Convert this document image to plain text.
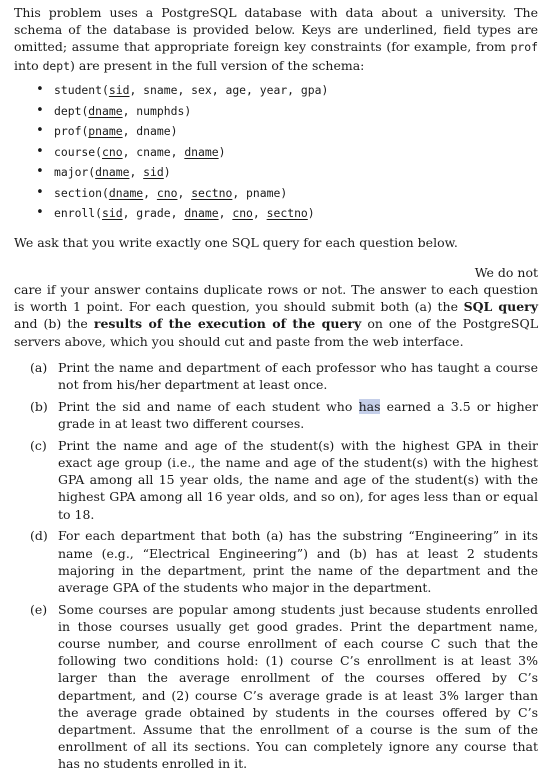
This problem uses a PostgreSQL database with data about a university. The schema of the database is provided below. Keys are underlined, field types are omitted; assume that appropriate foreign key constraints (for example, from prof into dept) are present in the full version of the schema:
• student(sid, sname, sex, age, year, gpa)
• dept(dname, numphds)
• prof(pname, dname)
• course(cno, cname, dname)
• major(dname, sid)
• section(dname, cno, sectno, pname)
• enroll(sid, grade, dname, cno, sectno)
We ask that you write exactly one SQL query for each question below.
We do not
care if your answer contains duplicate rows or not. The answer to each question is worth 1 point. For each question, you should submit both (a) the SQL query and (b) the results of the execution of the query on one of the PostgreSQL servers above, which you should cut and paste from the web interface.
(a) Print the name and department of each professor who has taught a course not from his/her department at least once.
(b) Print the sid and name of each student who has earned a 3.5 or higher grade in at least two different courses.
(c) Print the name and age of the student(s) with the highest GPA in their exact age group (i.e., the name and age of the student(s) with the highest GPA among all 15 year olds, the name and age of the student(s) with the highest GPA among all 16 year olds, and so on), for ages less than or equal to 18.
(d) For each department that both (a) has the substring “Engineering” in its name (e.g., “Electrical Engineering”) and (b) has at least 2 students majoring in the department, print the name of the department and the average GPA of the students who major in the department.
(e) Some courses are popular among students just because students enrolled in those courses usually get good grades. Print the department name, course number, and course enrollment of each course C such that the following two conditions hold: (1) course C’s enrollment is at least 3% larger than the average enrollment of the courses offered by C’s department, and (2) course C’s average grade is at least 3% larger than the average grade obtained by students in the courses offered by C’s department. Assume that the enrollment of a course is the sum of the enrollment of all its sections. You can completely ignore any course that has no students enrolled in it.
